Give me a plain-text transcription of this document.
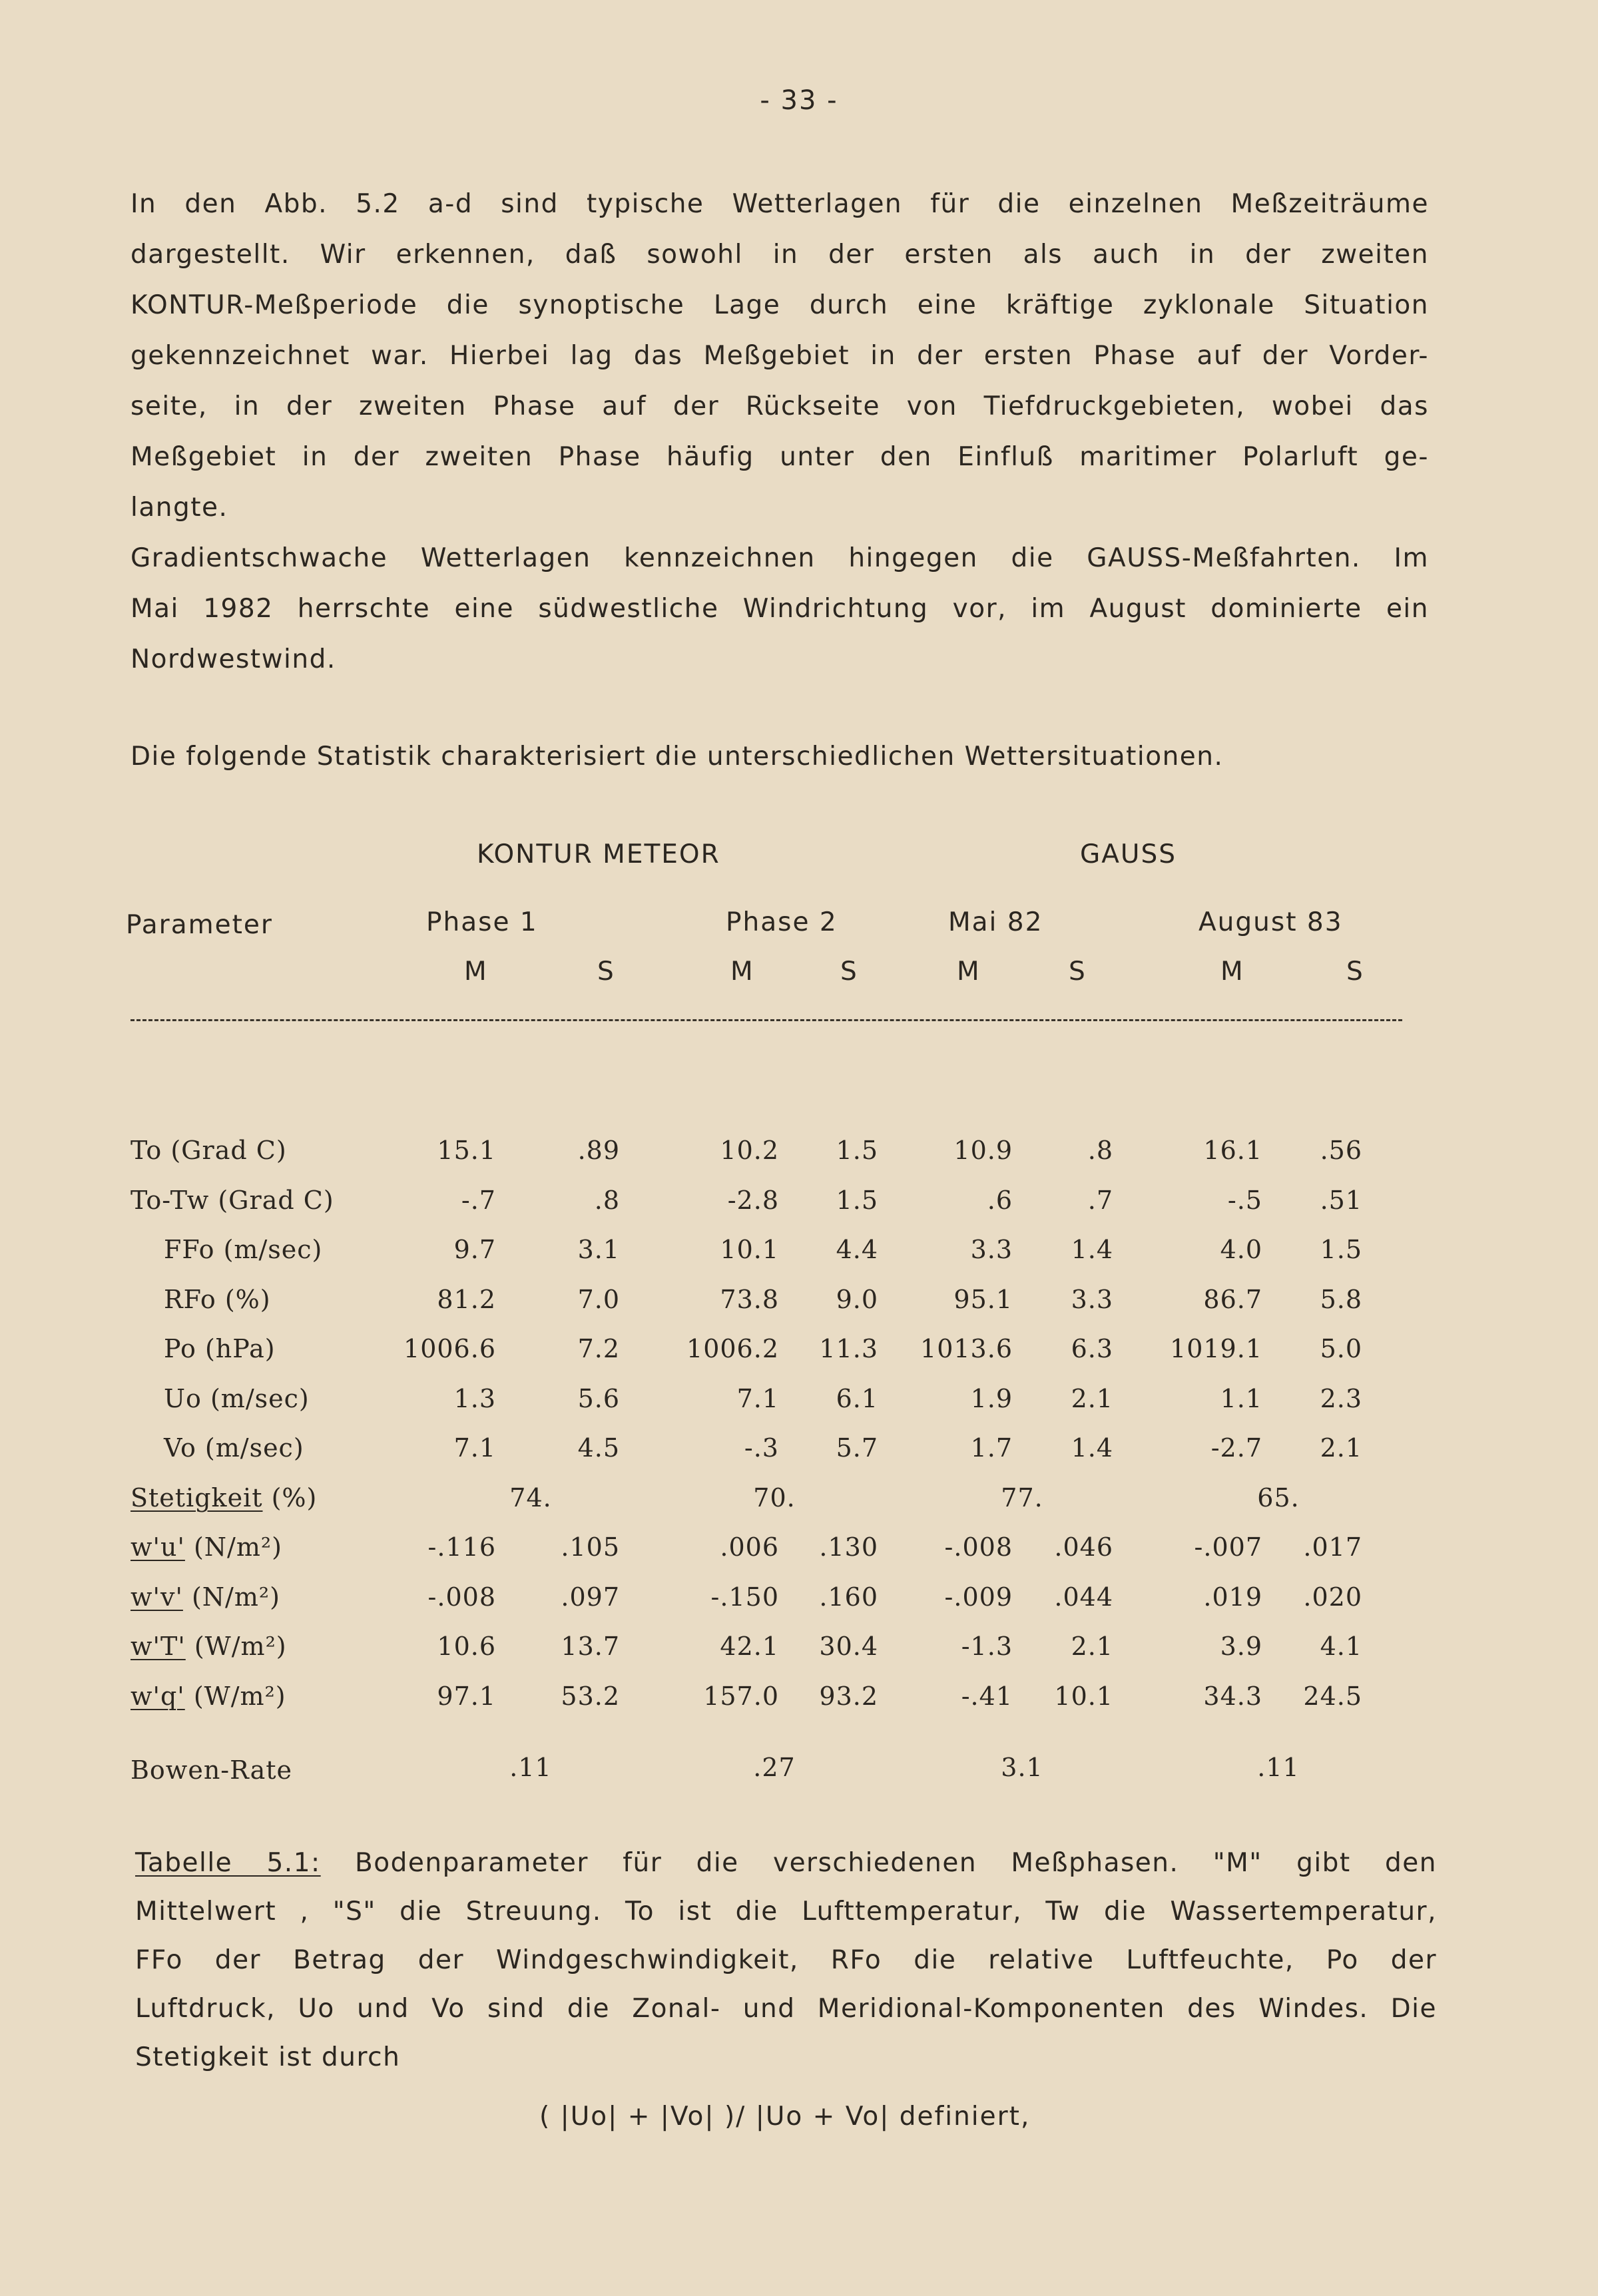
- 33 -
In den Abb. 5.2 a-d sind typische Wetterlagen für die einzelnen Meßzeiträume
dargestellt. Wir erkennen, daß sowohl in der ersten als auch in der zweiten
KONTUR-Meßperiode die synoptische Lage durch eine kräftige zyklonale Situation
gekennzeichnet war. Hierbei lag das Meßgebiet in der ersten Phase auf der Vorder-
seite, in der zweiten Phase auf der Rückseite von Tiefdruckgebieten, wobei das
Meßgebiet in der zweiten Phase häufig unter den Einfluß maritimer Polarluft ge-
langte.
Gradientschwache Wetterlagen kennzeichnen hingegen die GAUSS-Meßfahrten. Im
Mai 1982 herrschte eine südwestliche Windrichtung vor, im August dominierte ein
Nordwestwind.
Die folgende Statistik charakterisiert die unterschiedlichen Wettersituationen.
KONTUR METEOR	GAUSS
Parameter	Phase 1	Phase 2	Mai 82	August 83
M	S	M	S	M	S	M	S
To (Grad C)	15.1	.89	10.2	1.5	10.9	.8	16.1	.56
To-Tw (Grad C)	-.7	.8	-2.8	1.5	.6	.7	-.5	.51
FFo (m/sec)	9.7	3.1	10.1	4.4	3.3	1.4	4.0	1.5
RFo (%)	81.2	7.0	73.8	9.0	95.1	3.3	86.7	5.8
Po (hPa)	1006.6	7.2	1006.2	11.3	1013.6	6.3	1019.1	5.0
Uo (m/sec)	1.3	5.6	7.1	6.1	1.9	2.1	1.1	2.3
Vo (m/sec)	7.1	4.5	-.3	5.7	1.7	1.4	-2.7	2.1
Stetigkeit (%)	74.	70.	77.	65.
w'u' (N/m²)	-.116	.105	.006	.130	-.008	.046	-.007	.017
w'v' (N/m²)	-.008	.097	-.150	.160	-.009	.044	.019	.020
w'T' (W/m²)	10.6	13.7	42.1	30.4	-1.3	2.1	3.9	4.1
w'q' (W/m²)	97.1	53.2	157.0	93.2	-.41	10.1	34.3	24.5
Bowen-Rate	.11	.27	3.1	.11
Tabelle 5.1: Bodenparameter für die verschiedenen Meßphasen. "M" gibt den
Mittelwert , "S" die Streuung. To ist die Lufttemperatur, Tw die Wassertemperatur,
FFo der Betrag der Windgeschwindigkeit, RFo die relative Luftfeuchte, Po der
Luftdruck, Uo und Vo sind die Zonal- und Meridional-Komponenten des Windes. Die
Stetigkeit ist durch
( |Uo| + |Vo| )/ |Uo + Vo| definiert,
